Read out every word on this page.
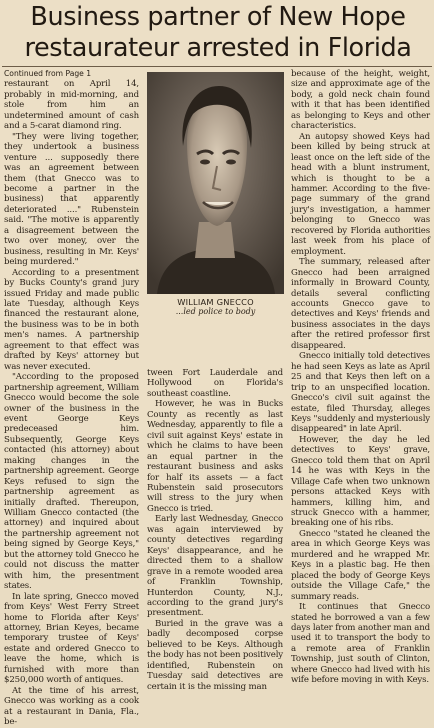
Business partner of New Hope
restaurateur arrested in Florida

Continued from Page 1

restaurant on April 14, probably in mid-morning, and stole from him an undetermined amount of cash and a 5-carat diamond ring.

"They were living together, they undertook a business venture ... supposedly there was an agreement between them (that Gnecco was to become a partner in the business) that apparently deteriorated ...." Rubenstein said. "The motive is apparently a disagreement between the two over money, over the business, resulting in Mr. Keys' being murdered."

According to a presentment by Bucks County's grand jury issued Friday and made public late Tuesday, although Keys financed the restaurant alone, the business was to be in both men's names. A partnership agreement to that effect was drafted by Keys' attorney but was never executed.

"According to the proposed partnership agreement, William Gnecco would become the sole owner of the business in the event George Keys predeceased him. Subsequently, George Keys contacted (his attorney) about making changes in the partnership agreement. George Keys refused to sign the partnership agreement as initially drafted. Thereupon, William Gnecco contacted (the attorney) and inquired about the partnership agreement not being signed by George Keys," but the attorney told Gnecco he could not discuss the matter with him, the presentment states.

In late spring, Gnecco moved from Keys' West Ferry Street home to Florida after Keys' attorney, Brian Keyes, became temporary trustee of Keys' estate and ordered Gnecco to leave the home, which is furnished with more than $250,000 worth of antiques.

At the time of his arrest, Gnecco was working as a cook at a restaurant in Dania, Fla., be-

WILLIAM GNECCO
...led police to body

tween Fort Lauderdale and Hollywood on Florida's southeast coastline.

However, he was in Bucks County as recently as last Wednesday, apparently to file a civil suit against Keys' estate in which he claims to have been an equal partner in the restaurant business and asks for half its assets — a fact Rubenstein said prosecutors will stress to the jury when Gnecco is tried.

Early last Wednesday, Gnecco was again interviewed by county detectives regarding Keys' disappearance, and he directed them to a shallow grave in a remote wooded area of Franklin Township, Hunterdon County, N.J., according to the grand jury's presentment.

Buried in the grave was a badly decomposed corpse believed to be Keys. Although the body has not been positively identified, Rubenstein on Tuesday said detectives are certain it is the missing man

because of the height, weight, size and approximate age of the body, a gold neck chain found with it that has been identified as belonging to Keys and other characteristics.

An autopsy showed Keys had been killed by being struck at least once on the left side of the head with a blunt instrument, which is thought to be a hammer. According to the five-page summary of the grand jury's investigation, a hammer belonging to Gnecco was recovered by Florida authorities last week from his place of employment.

The summary, released after Gnecco had been arraigned informally in Broward County, details several conflicting accounts Gnecco gave to detectives and Keys' friends and business associates in the days after the retired professor first disappeared.

Gnecco initially told detectives he had seen Keys as late as April 25 and that Keys then left on a trip to an unspecified location. Gnecco's civil suit against the estate, filed Thursday, alleges Keys "suddenly and mysteriously disappeared" in late April.

However, the day he led detectives to Keys' grave, Gnecco told them that on April 14 he was with Keys in the Village Cafe when two unknown persons attacked Keys with hammers, killing him, and struck Gnecco with a hammer, breaking one of his ribs.

Gnecco "stated he cleaned the area in which George Keys was murdered and he wrapped Mr. Keys in a plastic bag. He then placed the body of George Keys outside the Village Cafe," the summary reads.

It continues that Gnecco stated he borrowed a van a few days later from another man and used it to transport the body to a remote area of Franklin Township, just south of Clinton, where Gnecco had lived with his wife before moving in with Keys.
